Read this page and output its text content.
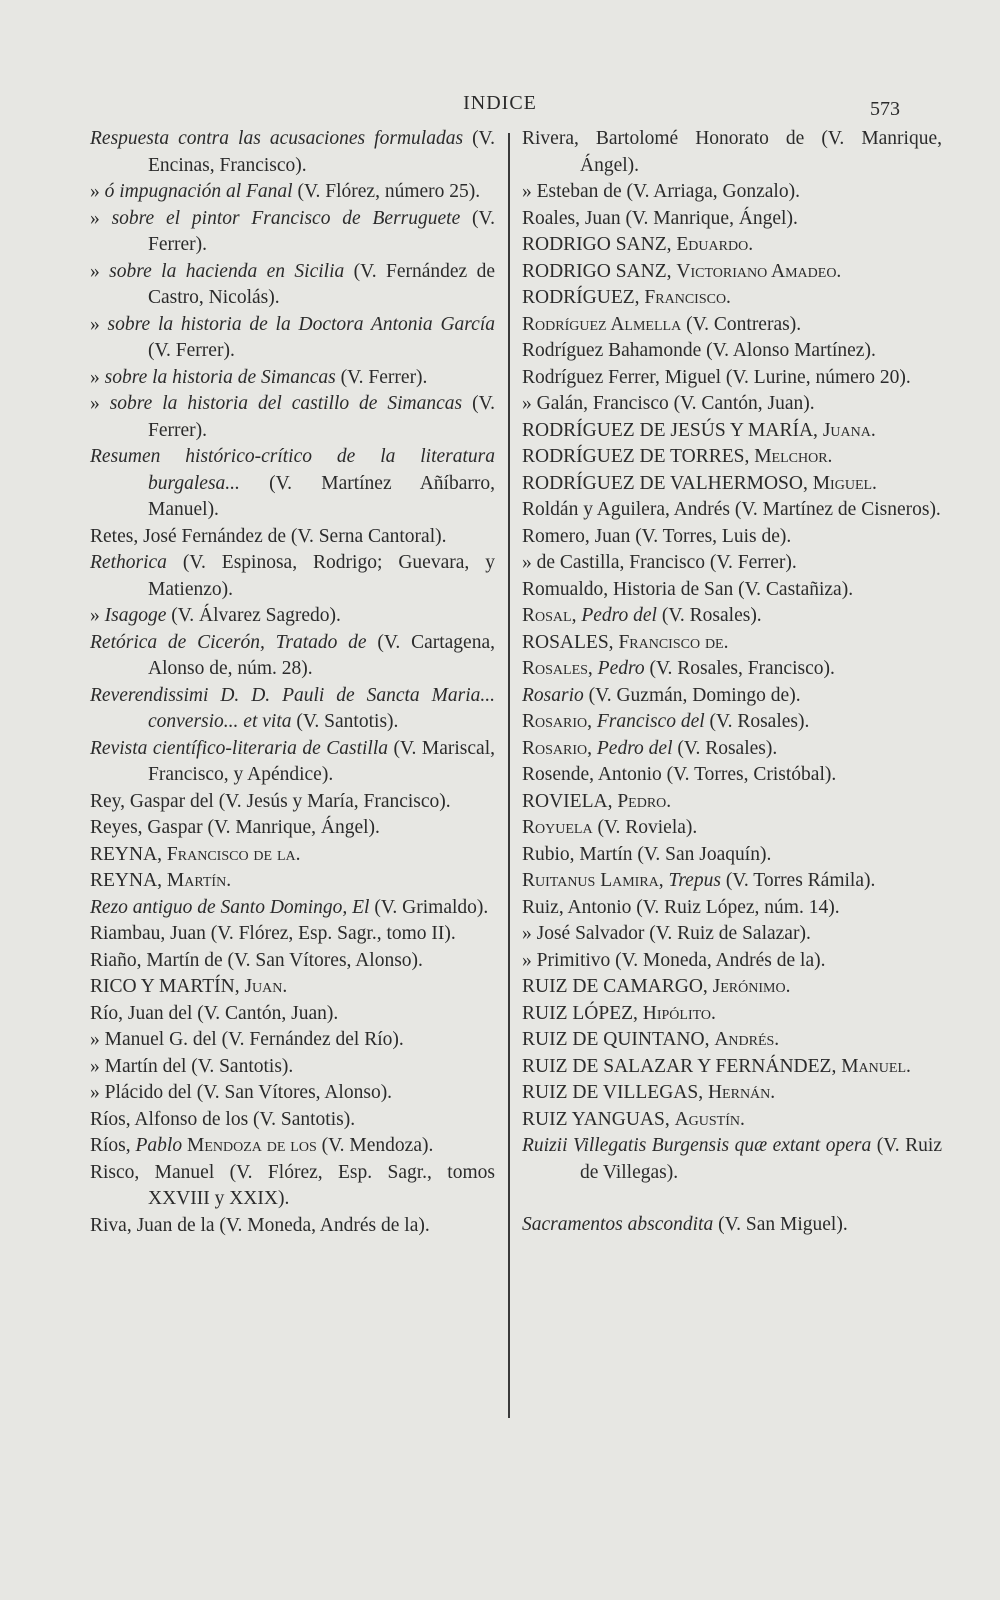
INDICE	573
Respuesta contra las acusaciones formuladas (V. Encinas, Francisco).
» ó impugnación al Fanal (V. Flórez, número 25).
» sobre el pintor Francisco de Berruguete (V. Ferrer).
» sobre la hacienda en Sicilia (V. Fernández de Castro, Nicolás).
» sobre la historia de la Doctora Antonia García (V. Ferrer).
» sobre la historia de Simancas (V. Ferrer).
» sobre la historia del castillo de Simancas (V. Ferrer).
Resumen histórico-crítico de la literatura burgalesa... (V. Martínez Añíbarro, Manuel).
Retes, José Fernández de (V. Serna Cantoral).
Rethorica (V. Espinosa, Rodrigo; Guevara, y Matienzo).
» Isagoge (V. Álvarez Sagredo).
Retórica de Cicerón, Tratado de (V. Cartagena, Alonso de, núm. 28).
Reverendissimi D. D. Pauli de Sancta Maria... conversio... et vita (V. Santotis).
Revista científico-literaria de Castilla (V. Mariscal, Francisco, y Apéndice).
Rey, Gaspar del (V. Jesús y María, Francisco).
Reyes, Gaspar (V. Manrique, Ángel).
REYNA, Francisco de la.
REYNA, Martín.
Rezo antiguo de Santo Domingo, El (V. Grimaldo).
Riambau, Juan (V. Flórez, Esp. Sagr., tomo II).
Riaño, Martín de (V. San Vítores, Alonso).
RICO Y MARTÍN, Juan.
Río, Juan del (V. Cantón, Juan).
» Manuel G. del (V. Fernández del Río).
» Martín del (V. Santotis).
» Plácido del (V. San Vítores, Alonso).
Ríos, Alfonso de los (V. Santotis).
Ríos, Pablo Mendoza de los (V. Mendoza).
Risco, Manuel (V. Flórez, Esp. Sagr., tomos XXVIII y XXIX).
Riva, Juan de la (V. Moneda, Andrés de la).
Rivera, Bartolomé Honorato de (V. Manrique, Ángel).
» Esteban de (V. Arriaga, Gonzalo).
Roales, Juan (V. Manrique, Ángel).
RODRIGO SANZ, Eduardo.
RODRIGO SANZ, Victoriano Amadeo.
RODRÍGUEZ, Francisco.
Rodríguez Almella (V. Contreras).
Rodríguez Bahamonde (V. Alonso Martínez).
Rodríguez Ferrer, Miguel (V. Lurine, número 20).
» Galán, Francisco (V. Cantón, Juan).
RODRÍGUEZ DE JESÚS Y MARÍA, Juana.
RODRÍGUEZ DE TORRES, Melchor.
RODRÍGUEZ DE VALHERMOSO, Miguel.
Roldán y Aguilera, Andrés (V. Martínez de Cisneros).
Romero, Juan (V. Torres, Luis de).
» de Castilla, Francisco (V. Ferrer).
Romualdo, Historia de San (V. Castañiza).
Rosal, Pedro del (V. Rosales).
ROSALES, Francisco de.
Rosales, Pedro (V. Rosales, Francisco).
Rosario (V. Guzmán, Domingo de).
Rosario, Francisco del (V. Rosales).
Rosario, Pedro del (V. Rosales).
Rosende, Antonio (V. Torres, Cristóbal).
ROVIELA, Pedro.
Royuela (V. Roviela).
Rubio, Martín (V. San Joaquín).
Ruitanus Lamira, Trepus (V. Torres Rámila).
Ruiz, Antonio (V. Ruiz López, núm. 14).
» José Salvador (V. Ruiz de Salazar).
» Primitivo (V. Moneda, Andrés de la).
RUIZ DE CAMARGO, Jerónimo.
RUIZ LÓPEZ, Hipólito.
RUIZ DE QUINTANO, Andrés.
RUIZ DE SALAZAR Y FERNÁNDEZ, Manuel.
RUIZ DE VILLEGAS, Hernán.
RUIZ YANGUAS, Agustín.
Ruizii Villegatis Burgensis quæ extant opera (V. Ruiz de Villegas).
Sacramentos absconditа (V. San Miguel).
